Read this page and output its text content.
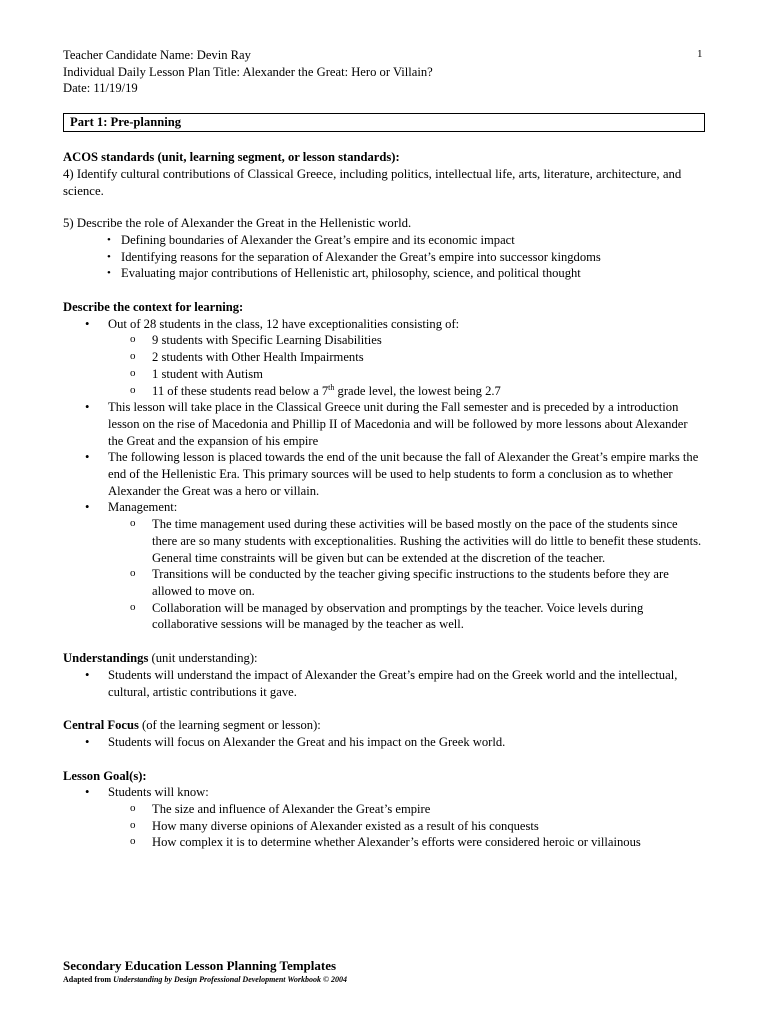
1
Teacher Candidate Name: Devin Ray
Individual Daily Lesson Plan Title: Alexander the Great: Hero or Villain?
Date: 11/19/19
Part 1: Pre-planning
ACOS standards (unit, learning segment, or lesson standards):
4) Identify cultural contributions of Classical Greece, including politics, intellectual life, arts, literature, architecture, and science.
5) Describe the role of Alexander the Great in the Hellenistic world.
• Defining boundaries of Alexander the Great’s empire and its economic impact
• Identifying reasons for the separation of Alexander the Great’s empire into successor kingdoms
• Evaluating major contributions of Hellenistic art, philosophy, science, and political thought
Describe the context for learning:
• Out of 28 students in the class, 12 have exceptionalities consisting of:
o 9 students with Specific Learning Disabilities
o 2 students with Other Health Impairments
o 1 student with Autism
o 11 of these students read below a 7th grade level, the lowest being 2.7
• This lesson will take place in the Classical Greece unit during the Fall semester and is preceded by a introduction lesson on the rise of Macedonia and Phillip II of Macedonia and will be followed by more lessons about Alexander the Great and the expansion of his empire
• The following lesson is placed towards the end of the unit because the fall of Alexander the Great’s empire marks the end of the Hellenistic Era. This primary sources will be used to help students to form a conclusion as to whether Alexander the Great was a hero or villain.
• Management:
o The time management used during these activities will be based mostly on the pace of the students since there are so many students with exceptionalities. Rushing the activities will do little to benefit these students. General time constraints will be given but can be extended at the discretion of the teacher.
o Transitions will be conducted by the teacher giving specific instructions to the students before they are allowed to move on.
o Collaboration will be managed by observation and promptings by the teacher. Voice levels during collaborative sessions will be managed by the teacher as well.
Understandings (unit understanding):
• Students will understand the impact of Alexander the Great’s empire had on the Greek world and the intellectual, cultural, artistic contributions it gave.
Central Focus (of the learning segment or lesson):
• Students will focus on Alexander the Great and his impact on the Greek world.
Lesson Goal(s):
• Students will know:
o The size and influence of Alexander the Great’s empire
o How many diverse opinions of Alexander existed as a result of his conquests
o How complex it is to determine whether Alexander’s efforts were considered heroic or villainous
Secondary Education Lesson Planning Templates
Adapted from Understanding by Design Professional Development Workbook © 2004
